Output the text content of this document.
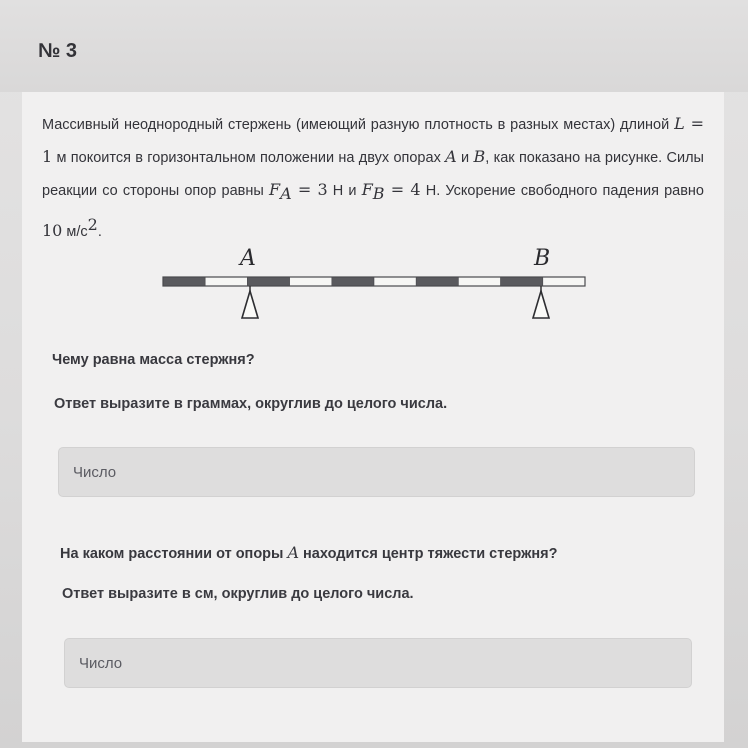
№ 3
Массивный неоднородный стержень (имеющий разную плотность в разных местах) длиной L = 1 м покоится в горизонтальном положении на двух опорах A и B, как показано на рисунке. Силы реакции со стороны опор равны $F_A = 3$ Н и $F_B = 4$ Н. Ускорение свободного падения равно 10 $м/с^2$.
A	B
Чему равна масса стержня?
Ответ выразите в граммах, округлив до целого числа.
Число
На каком расстоянии от опоры A находится центр тяжести стержня?
Ответ выразите в см, округлив до целого числа.
Число
